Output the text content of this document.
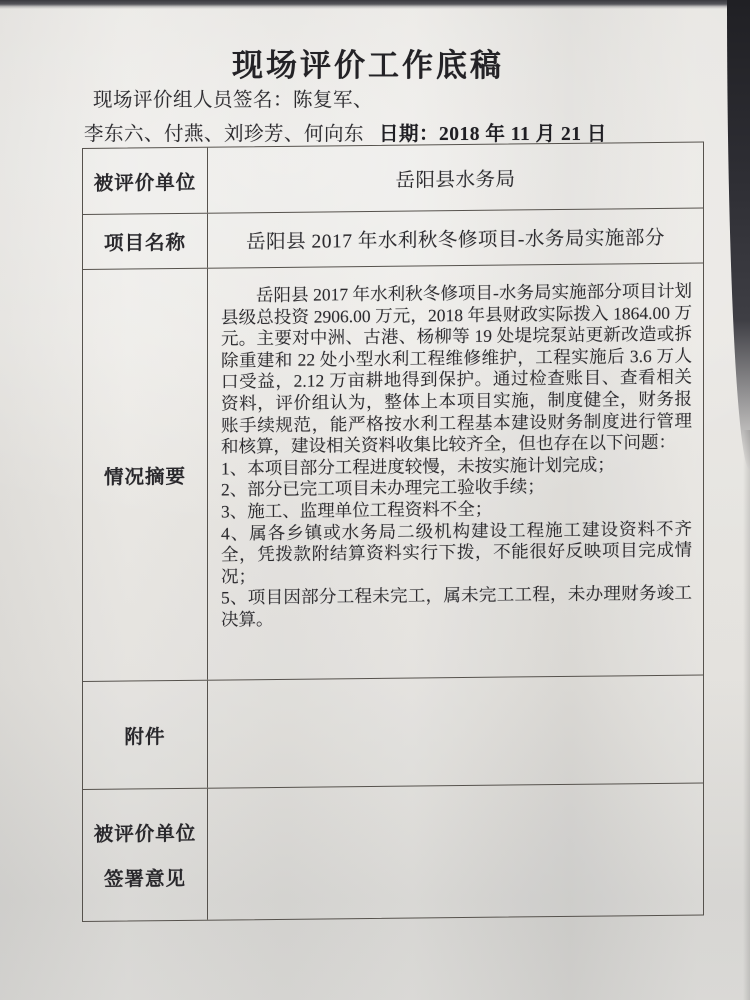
现场评价工作底稿
现场评价组人员签名：陈复军、
李东六、付燕、刘珍芳、何向东 日期：2018 年 11 月 21 日
被评价单位	岳阳县水务局
项目名称	岳阳县 2017 年水利秋冬修项目-水务局实施部分
情况摘要
岳阳县 2017 年水利秋冬修项目-水务局实施部分项目计划县级总投资 2906.00 万元，2018 年县财政实际拨入 1864.00 万元。主要对中洲、古港、杨柳等 19 处堤垸泵站更新改造或拆除重建和 22 处小型水利工程维修维护，工程实施后 3.6 万人口受益，2.12 万亩耕地得到保护。通过检查账目、查看相关资料，评价组认为，整体上本项目实施，制度健全，财务报账手续规范，能严格按水利工程基本建设财务制度进行管理和核算，建设相关资料收集比较齐全，但也存在以下问题：
1、本项目部分工程进度较慢，未按实施计划完成；
2、部分已完工项目未办理完工验收手续；
3、施工、监理单位工程资料不全；
4、属各乡镇或水务局二级机构建设工程施工建设资料不齐全，凭拨款附结算资料实行下拨，不能很好反映项目完成情况；
5、项目因部分工程未完工，属未完工工程，未办理财务竣工决算。
附件
被评价单位
签署意见
